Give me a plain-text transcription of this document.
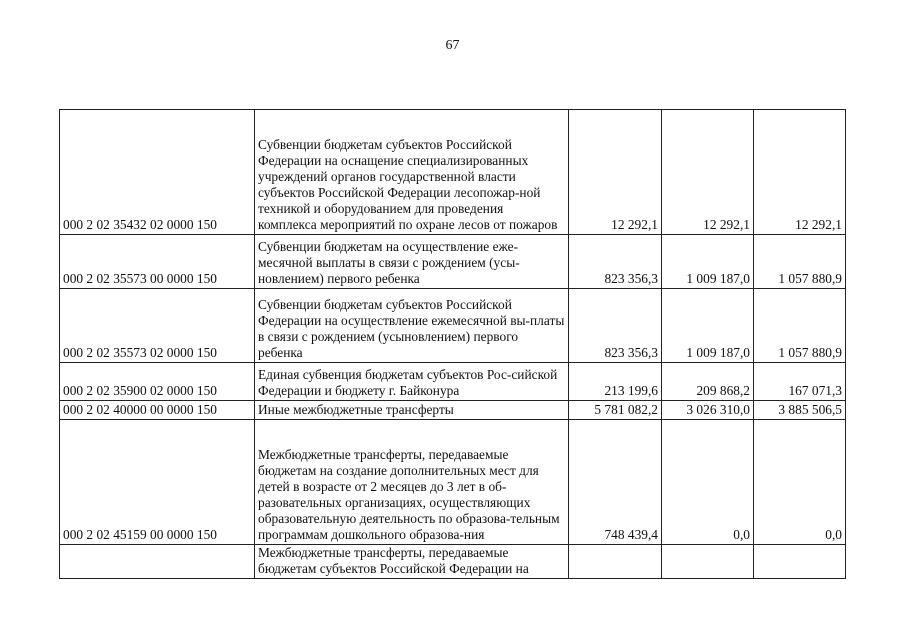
67
000 2 02 35432 02 0000 150	Субвенции бюджетам субъектов Российской Федерации на оснащение специализированных учреждений органов государственной власти субъектов Российской Федерации лесопожар-ной техникой и оборудованием для проведения комплекса мероприятий по охране лесов от пожаров	12 292,1	12 292,1	12 292,1
000 2 02 35573 00 0000 150	Субвенции бюджетам на осуществление еже-месячной выплаты в связи с рождением (усы-новлением) первого ребенка	823 356,3	1 009 187,0	1 057 880,9
000 2 02 35573 02 0000 150	Субвенции бюджетам субъектов Российской Федерации на осуществление ежемесячной вы-платы в связи с рождением (усыновлением) первого ребенка	823 356,3	1 009 187,0	1 057 880,9
000 2 02 35900 02 0000 150	Единая субвенция бюджетам субъектов Рос-сийской Федерации и бюджету г. Байконура	213 199,6	209 868,2	167 071,3
000 2 02 40000 00 0000 150	Иные межбюджетные трансферты	5 781 082,2	3 026 310,0	3 885 506,5
000 2 02 45159 00 0000 150	Межбюджетные трансферты, передаваемые бюджетам на создание дополнительных мест для детей в возрасте от 2 месяцев до 3 лет в об-разовательных организациях, осуществляющих образовательную деятельность по образова-тельным программам дошкольного образова-ния	748 439,4	0,0	0,0
	Межбюджетные трансферты, передаваемые бюджетам субъектов Российской Федерации на			
